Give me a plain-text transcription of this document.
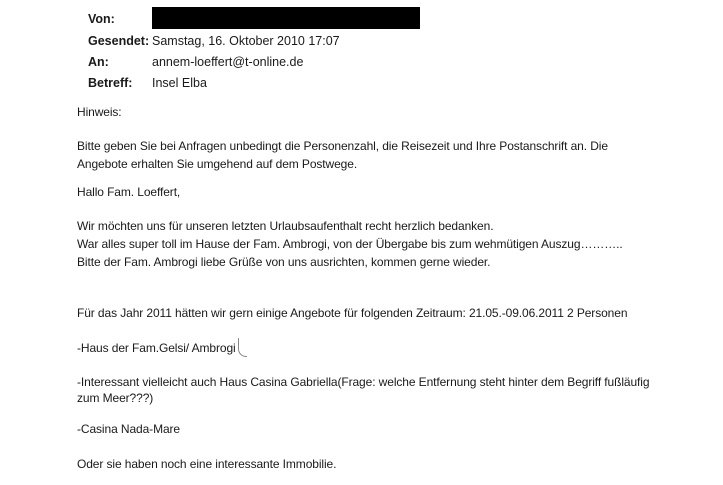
Von:
Gesendet: Samstag, 16. Oktober 2010 17:07
An:	annem-loeffert@t-online.de
Betreff: Insel Elba
Hinweis:
Bitte geben Sie bei Anfragen unbedingt die Personenzahl, die Reisezeit und Ihre Postanschrift an. Die
Angebote erhalten Sie umgehend auf dem Postwege.
Hallo Fam. Loeffert,
Wir möchten uns für unseren letzten Urlaubsaufenthalt recht herzlich bedanken.
War alles super toll im Hause der Fam. Ambrogi, von der Übergabe bis zum wehmütigen Auszug………..
Bitte der Fam. Ambrogi liebe Grüße von uns ausrichten, kommen gerne wieder.
Für das Jahr 2011 hätten wir gern einige Angebote für folgenden Zeitraum: 21.05.-09.06.2011 2 Personen
-Haus der Fam.Gelsi/ Ambrogi
-Interessant vielleicht auch Haus Casina Gabriella(Frage: welche Entfernung steht hinter dem Begriff fußläufig
zum Meer???)
-Casina Nada-Mare
Oder sie haben noch eine interessante Immobilie.
